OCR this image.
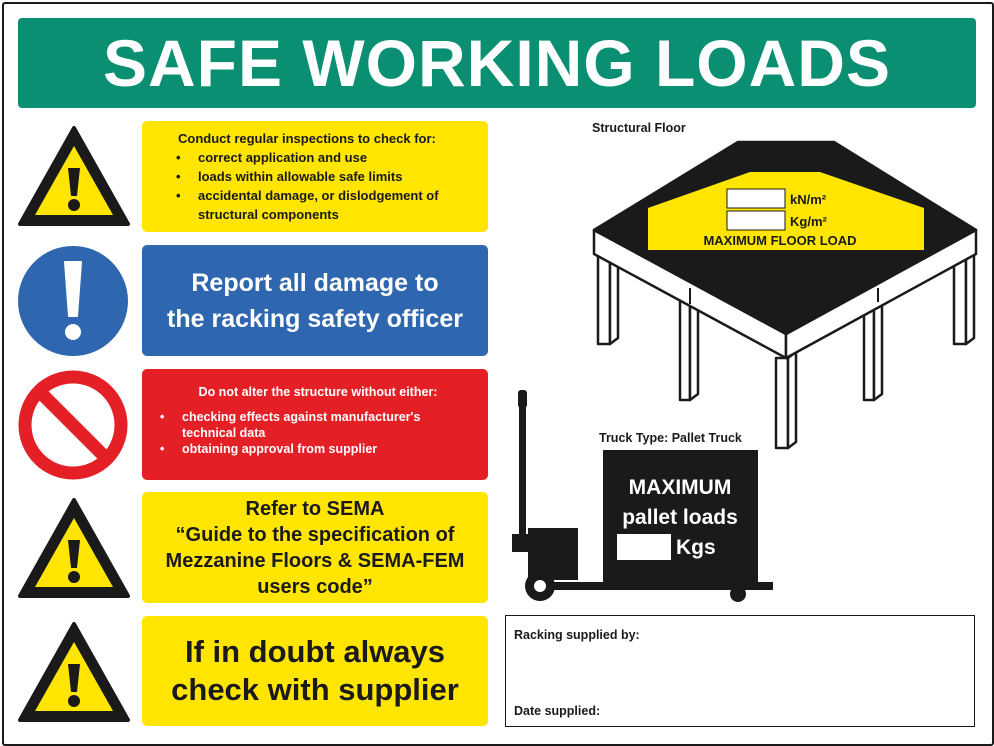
SAFE WORKING LOADS
Conduct regular inspections to check for:
• correct application and use
• loads within allowable safe limits
• accidental damage, or dislodgement of
structural components
Report all damage to
the racking safety officer
Do not alter the structure without either:
• checking effects against manufacturer's
technical data
• obtaining approval from supplier
Refer to SEMA
“Guide to the specification of
Mezzanine Floors & SEMA-FEM
users code”
If in doubt always
check with supplier
Structural Floor
kN/m²
Kg/m²
MAXIMUM FLOOR LOAD
Truck Type: Pallet Truck
MAXIMUM
pallet loads
Kgs
Racking supplied by:
Date supplied:
